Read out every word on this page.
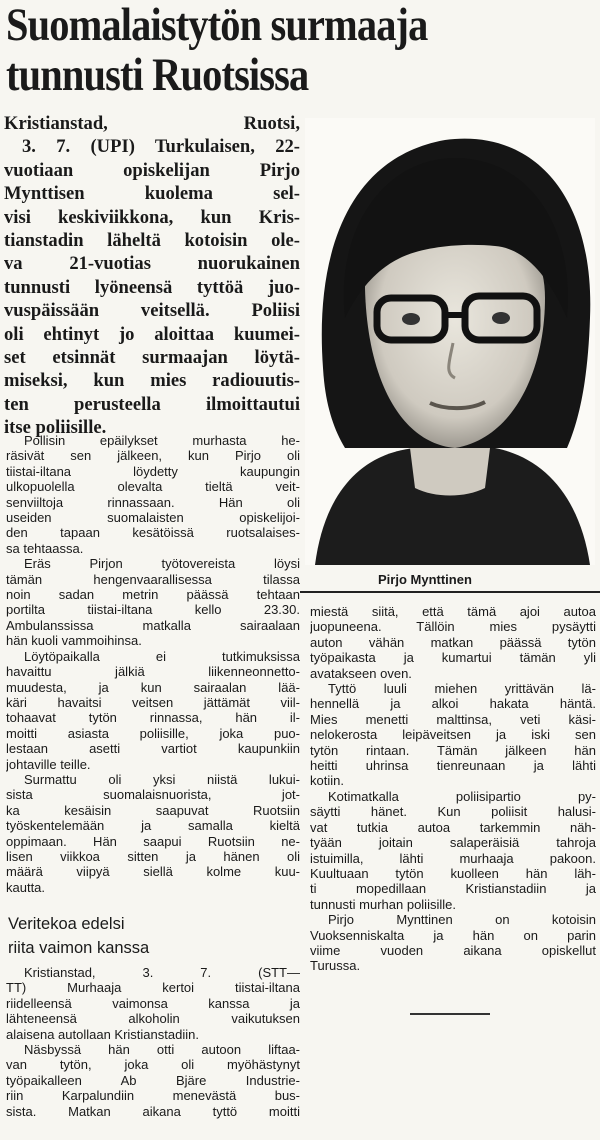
Suomalaistytön surmaaja
tunnusti Ruotsissa
Kristianstad, Ruotsi,
3. 7. (UPI) Turkulaisen, 22-
vuotiaan opiskelijan Pirjo
Mynttisen kuolema sel-
visi keskiviikkona, kun Kris-
tianstadin läheltä kotoisin ole-
va 21-vuotias nuorukainen
tunnusti lyöneensä tyttöä juo-
vuspäissään veitsellä. Poliisi
oli ehtinyt jo aloittaa kuumei-
set etsinnät surmaajan löytä-
miseksi, kun mies radiouutis-
ten perusteella ilmoittautui
itse poliisille.
Pirjo Mynttinen
Pollisin epäilykset murhasta he-
räsivät sen jälkeen, kun Pirjo oli
tiistai-iltana löydetty kaupungin
ulkopuolella olevalta tieltä veit-
senviiltoja rinnassaan. Hän oli
useiden suomalaisten opiskelijoi-
den tapaan kesätöissä ruotsalaises-
sa tehtaassa.
Eräs Pirjon työtovereista löysi
tämän hengenvaarallisessa tilassa
noin sadan metrin päässä tehtaan
portilta tiistai-iltana kello 23.30.
Ambulanssissa matkalla sairaalaan
hän kuoli vammoihinsa.
Löytöpaikalla ei tutkimuksissa
havaittu jälkiä liikenneonnetto-
muudesta, ja kun sairaalan lää-
käri havaitsi veitsen jättämät viil-
tohaavat tytön rinnassa, hän il-
moitti asiasta poliisille, joka puo-
lestaan asetti vartiot kaupunkiin
johtaville teille.
Surmattu oli yksi niistä lukui-
sista suomalaisnuorista, jot-
ka kesäisin saapuvat Ruotsiin
työskentelemään ja samalla kieltä
oppimaan. Hän saapui Ruotsiin ne-
lisen viikkoa sitten ja hänen oli
määrä viipyä siellä kolme kuu-
kautta.
Veritekoa edelsi
riita vaimon kanssa
Kristianstad, 3. 7. (STT—
TT) Murhaaja kertoi tiistai-iltana
riidelleensä vaimonsa kanssa ja
lähteneensä alkoholin vaikutuksen
alaisena autollaan Kristianstadiin.
Näsbyssä hän otti autoon liftaa-
van tytön, joka oli myöhästynyt
työpaikalleen Ab Bjäre Industrie-
riin Karpalundiin menevästä bus-
sista. Matkan aikana tyttö moitti
miestä siitä, että tämä ajoi autoa
juopuneena. Tällöin mies pysäytti
auton vähän matkan päässä tytön
työpaikasta ja kumartui tämän yli
avatakseen oven.
Tyttö luuli miehen yrittävän lä-
hennellä ja alkoi hakata häntä.
Mies menetti malttinsa, veti käsi-
nelokerosta leipäveitsen ja iski sen
tytön rintaan. Tämän jälkeen hän
heitti uhrinsa tienreunaan ja lähti
kotiin.
Kotimatkalla poliisipartio py-
säytti hänet. Kun poliisit halusi-
vat tutkia autoa tarkemmin näh-
tyään joitain salaperäisiä tahroja
istuimilla, lähti murhaaja pakoon.
Kuultuaan tytön kuolleen hän läh-
ti mopedillaan Kristianstadiin ja
tunnusti murhan poliisille.
Pirjo Mynttinen on kotoisin
Vuoksenniskalta ja hän on parin
viime vuoden aikana opiskellut
Turussa.
